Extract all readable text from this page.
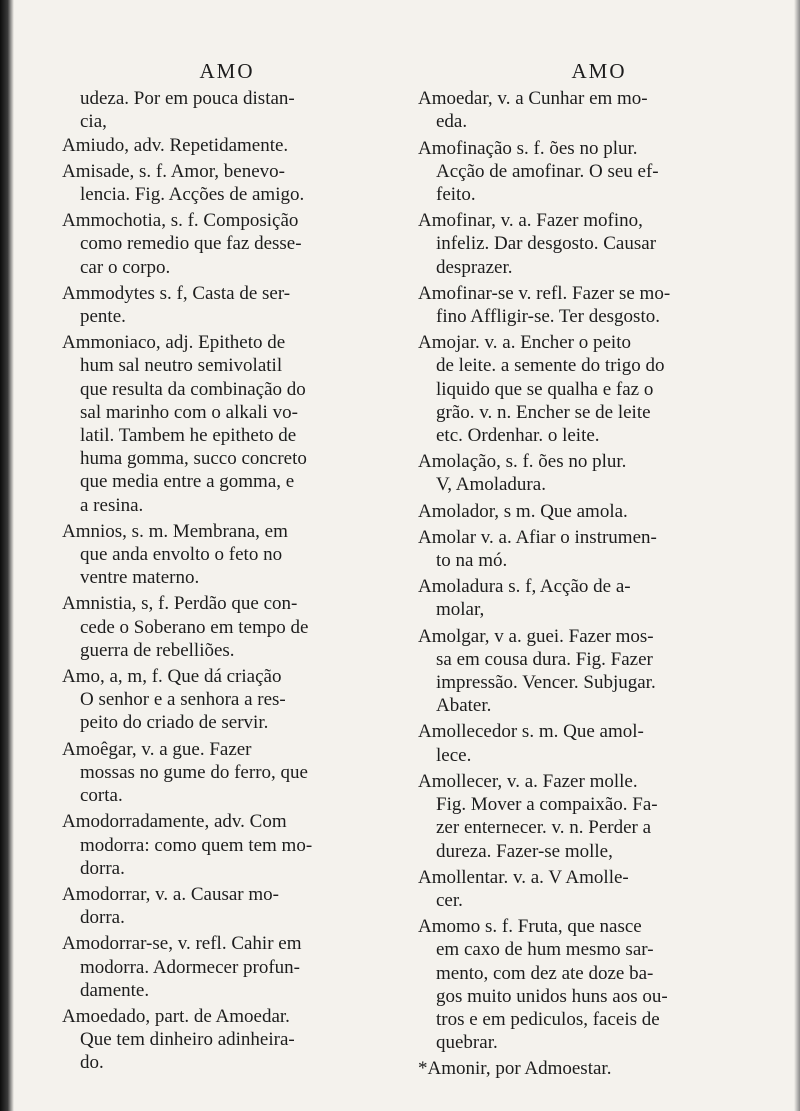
AMO
udeza. Por em pouca distan-
cia,
Amiudo, adv. Repetidamente.
Amisade, s. f. Amor, benevo-
lencia. Fig. Acções de amigo.
Ammochotia, s. f. Composição
como remedio que faz desse-
car o corpo.
Ammodytes s. f, Casta de ser-
pente.
Ammoniaco, adj. Epitheto de
hum sal neutro semivolatil
que resulta da combinação do
sal marinho com o alkali vo-
latil. Tambem he epitheto de
huma gomma, succo concreto
que media entre a gomma, e
a resina.
Amnios, s. m. Membrana, em
que anda envolto o feto no
ventre materno.
Amnistia, s, f. Perdão que con-
cede o Soberano em tempo de
guerra de rebelliões.
Amo, a, m, f. Que dá criação
O senhor e a senhora a res-
peito do criado de servir.
Amoêgar, v. a gue. Fazer
mossas no gume do ferro, que
corta.
Amodorradamente, adv. Com
modorra: como quem tem mo-
dorra.
Amodorrar, v. a. Causar mo-
dorra.
Amodorrar-se, v. refl. Cahir em
modorra. Adormecer profun-
damente.
Amoedado, part. de Amoedar.
Que tem dinheiro adinheira-
do.
AMO
Amoedar, v. a Cunhar em mo-
eda.
Amofinação s. f. ões no plur.
Acção de amofinar. O seu ef-
feito.
Amofinar, v. a. Fazer mofino,
infeliz. Dar desgosto. Causar
desprazer.
Amofinar-se v. refl. Fazer se mo-
fino Affligir-se. Ter desgosto.
Amojar. v. a. Encher o peito
de leite. a semente do trigo do
liquido que se qualha e faz o
grão. v. n. Encher se de leite
etc. Ordenhar. o leite.
Amolação, s. f. ões no plur.
V, Amoladura.
Amolador, s m. Que amola.
Amolar v. a. Afiar o instrumen-
to na mó.
Amoladura s. f, Acção de a-
molar,
Amolgar, v a. guei. Fazer mos-
sa em cousa dura. Fig. Fazer
impressão. Vencer. Subjugar.
Abater.
Amollecedor s. m. Que amol-
lece.
Amollecer, v. a. Fazer molle.
Fig. Mover a compaixão. Fa-
zer enternecer. v. n. Perder a
dureza. Fazer-se molle,
Amollentar. v. a. V Amolle-
cer.
Amomo s. f. Fruta, que nasce
em caxo de hum mesmo sar-
mento, com dez ate doze ba-
gos muito unidos huns aos ou-
tros e em pediculos, faceis de
quebrar.
*Amonir, por Admoestar.
